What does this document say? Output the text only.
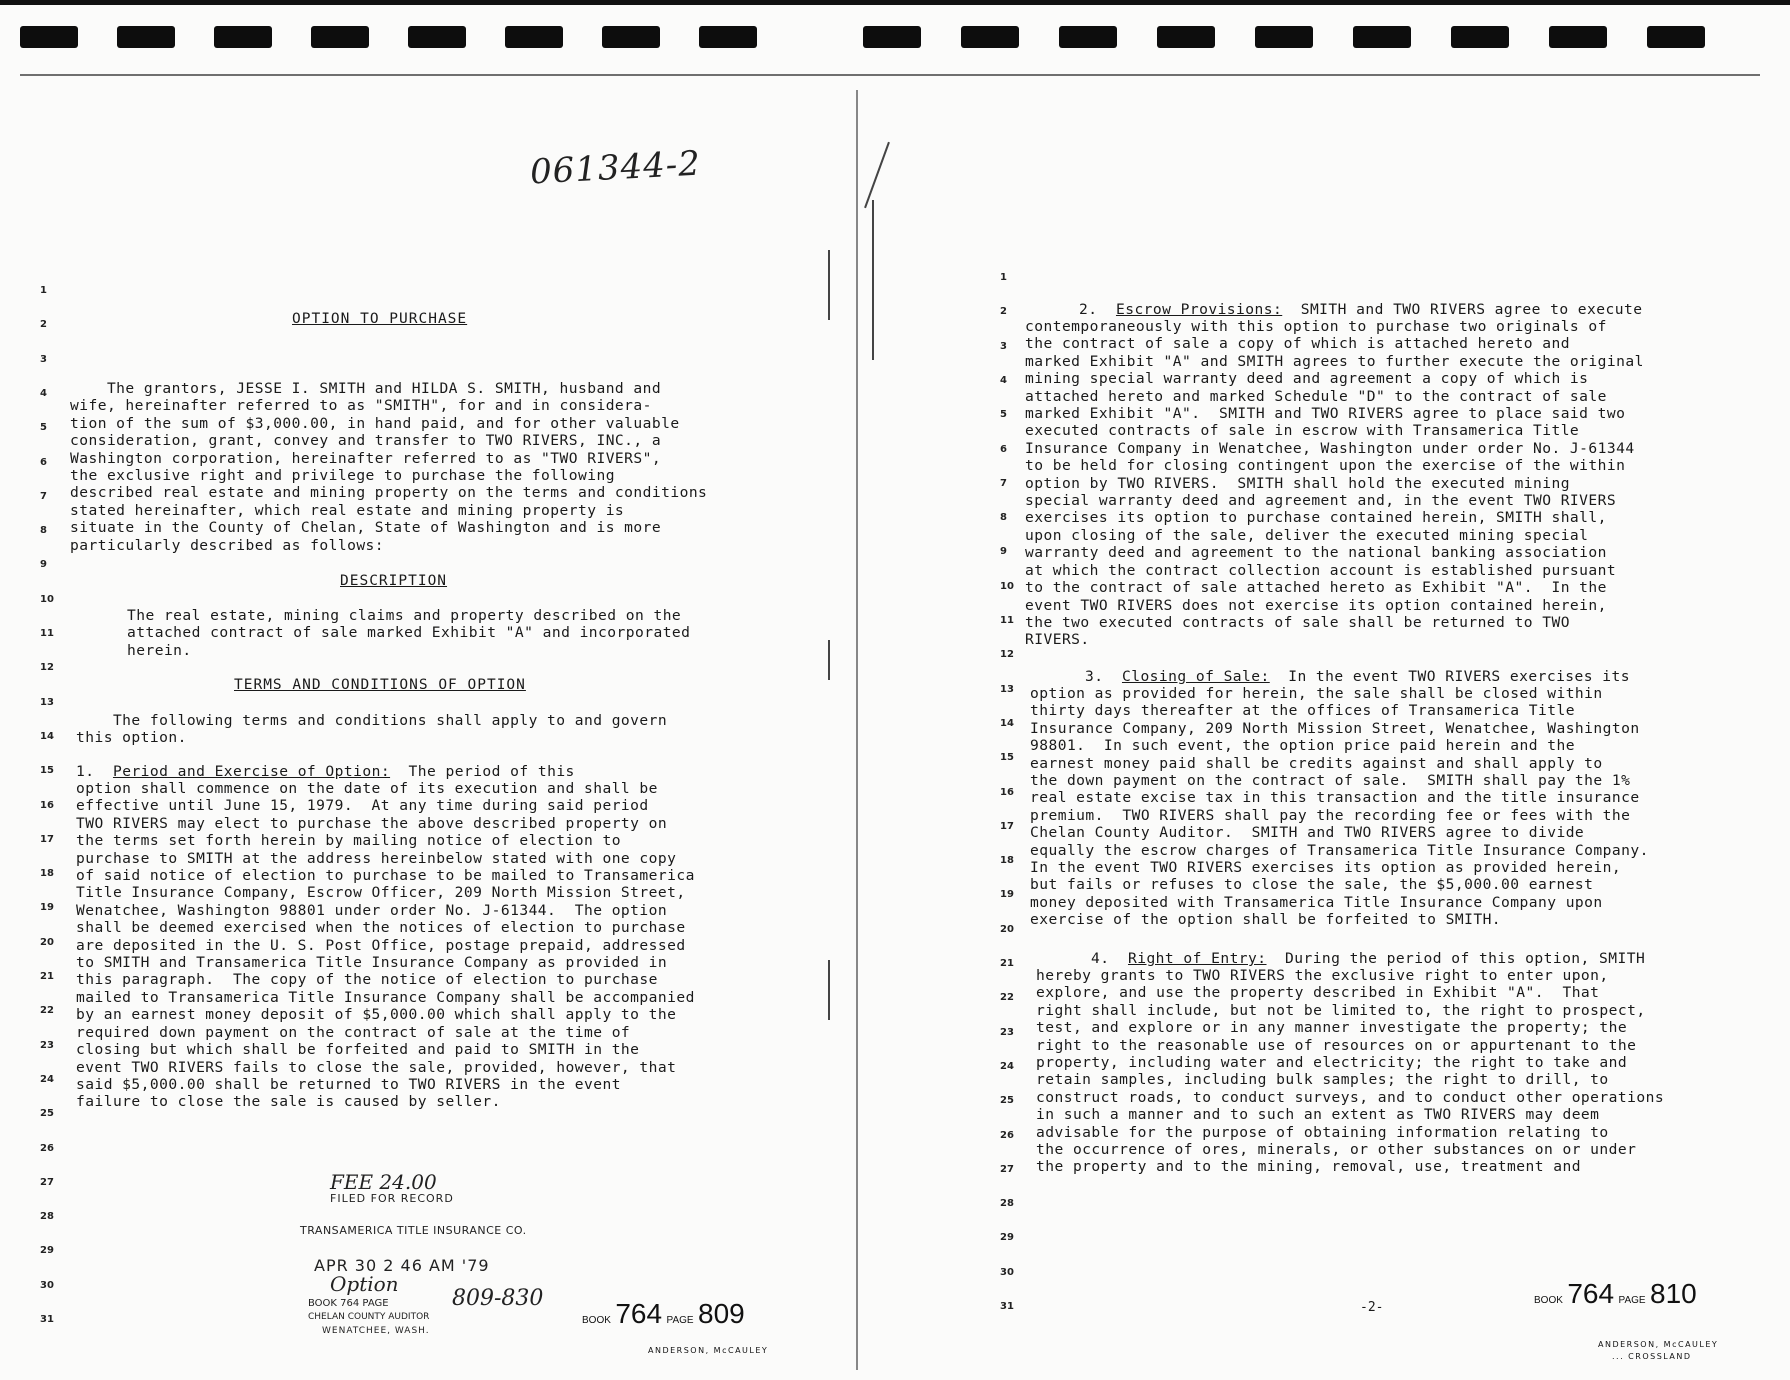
061344-2
1
2
3
4
5
6
7
8
9
10
11
12
13
14
15
16
17
18
19
20
21
22
23
24
25
26
27
28
29
30
31
OPTION TO PURCHASE
The grantors, JESSE I. SMITH and HILDA S. SMITH, husband and
wife, hereinafter referred to as "SMITH", for and in considera-
tion of the sum of $3,000.00, in hand paid, and for other valuable
consideration, grant, convey and transfer to TWO RIVERS, INC., a
Washington corporation, hereinafter referred to as "TWO RIVERS",
the exclusive right and privilege to purchase the following
described real estate and mining property on the terms and conditions
stated hereinafter, which real estate and mining property is
situate in the County of Chelan, State of Washington and is more
particularly described as follows:
DESCRIPTION
The real estate, mining claims and property described on the
attached contract of sale marked Exhibit "A" and incorporated
herein.
TERMS AND CONDITIONS OF OPTION
The following terms and conditions shall apply to and govern
this option.
1. Period and Exercise of Option:  The period of this
option shall commence on the date of its execution and shall be
effective until June 15, 1979.  At any time during said period
TWO RIVERS may elect to purchase the above described property on
the terms set forth herein by mailing notice of election to
purchase to SMITH at the address hereinbelow stated with one copy
of said notice of election to purchase to be mailed to Transamerica
Title Insurance Company, Escrow Officer, 209 North Mission Street,
Wenatchee, Washington 98801 under order No. J-61344.  The option
shall be deemed exercised when the notices of election to purchase
are deposited in the U. S. Post Office, postage prepaid, addressed
to SMITH and Transamerica Title Insurance Company as provided in
this paragraph.  The copy of the notice of election to purchase
mailed to Transamerica Title Insurance Company shall be accompanied
by an earnest money deposit of $5,000.00 which shall apply to the
required down payment on the contract of sale at the time of
closing but which shall be forfeited and paid to SMITH in the
event TWO RIVERS fails to close the sale, provided, however, that
said $5,000.00 shall be returned to TWO RIVERS in the event
failure to close the sale is caused by seller.
FEE 24.00
FILED FOR RECORD
TRANSAMERICA TITLE INSURANCE CO.
APR 30 2 46 AM '79
Option
BOOK 764 PAGE	809-830
CHELAN COUNTY AUDITOR
WENATCHEE, WASH.
BOOK 764 PAGE 809
ANDERSON, McCAULEY
1
2
3
4
5
6
7
8
9
10
11
12
13
14
15
16
17
18
19
20
21
22
23
24
25
26
27
28
29
30
31
2. Escrow Provisions:  SMITH and TWO RIVERS agree to execute
contemporaneously with this option to purchase two originals of
the contract of sale a copy of which is attached hereto and
marked Exhibit "A" and SMITH agrees to further execute the original
mining special warranty deed and agreement a copy of which is
attached hereto and marked Schedule "D" to the contract of sale
marked Exhibit "A".  SMITH and TWO RIVERS agree to place said two
executed contracts of sale in escrow with Transamerica Title
Insurance Company in Wenatchee, Washington under order No. J-61344
to be held for closing contingent upon the exercise of the within
option by TWO RIVERS.  SMITH shall hold the executed mining
special warranty deed and agreement and, in the event TWO RIVERS
exercises its option to purchase contained herein, SMITH shall,
upon closing of the sale, deliver the executed mining special
warranty deed and agreement to the national banking association
at which the contract collection account is established pursuant
to the contract of sale attached hereto as Exhibit "A".  In the
event TWO RIVERS does not exercise its option contained herein,
the two executed contracts of sale shall be returned to TWO
RIVERS.
3. Closing of Sale:  In the event TWO RIVERS exercises its
option as provided for herein, the sale shall be closed within
thirty days thereafter at the offices of Transamerica Title
Insurance Company, 209 North Mission Street, Wenatchee, Washington
98801.  In such event, the option price paid herein and the
earnest money paid shall be credits against and shall apply to
the down payment on the contract of sale.  SMITH shall pay the 1%
real estate excise tax in this transaction and the title insurance
premium.  TWO RIVERS shall pay the recording fee or fees with the
Chelan County Auditor.  SMITH and TWO RIVERS agree to divide
equally the escrow charges of Transamerica Title Insurance Company.
In the event TWO RIVERS exercises its option as provided herein,
but fails or refuses to close the sale, the $5,000.00 earnest
money deposited with Transamerica Title Insurance Company upon
exercise of the option shall be forfeited to SMITH.
4. Right of Entry:  During the period of this option, SMITH
hereby grants to TWO RIVERS the exclusive right to enter upon,
explore, and use the property described in Exhibit "A".  That
right shall include, but not be limited to, the right to prospect,
test, and explore or in any manner investigate the property; the
right to the reasonable use of resources on or appurtenant to the
property, including water and electricity; the right to take and
retain samples, including bulk samples; the right to drill, to
construct roads, to conduct surveys, and to conduct other operations
in such a manner and to such an extent as TWO RIVERS may deem
advisable for the purpose of obtaining information relating to
the occurrence of ores, minerals, or other substances on or under
the property and to the mining, removal, use, treatment and
-2-	BOOK 764 PAGE 810
ANDERSON, McCAULEY
... CROSSLAND
